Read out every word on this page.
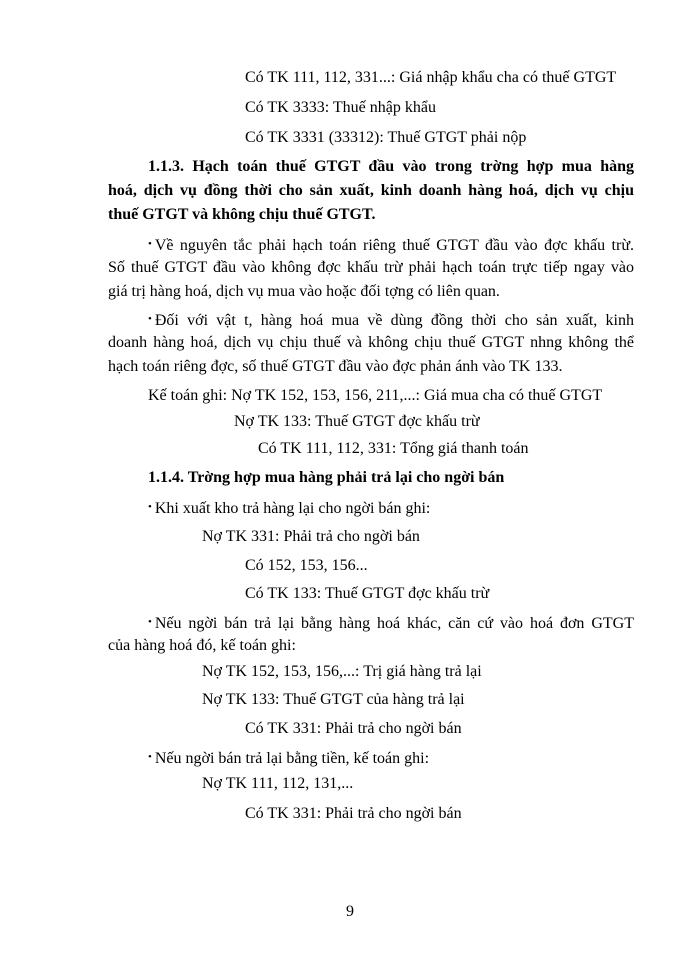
Có TK 111, 112, 331...: Giá nhập khẩu cha có thuế GTGT
Có TK 3333: Thuế nhập khẩu
Có TK 3331 (33312): Thuế GTGT phải nộp
1.1.3. Hạch toán thuế GTGT đầu vào trong trờng hợp mua hàng
hoá, dịch vụ đồng thời cho sản xuất, kinh doanh hàng hoá, dịch vụ chịu
thuế GTGT và không chịu thuế GTGT.
• Về nguyên tắc phải hạch toán riêng thuế GTGT đầu vào đợc khấu trừ.
Số thuế GTGT đầu vào không đợc khấu trừ phải hạch toán trực tiếp ngay vào
giá trị hàng hoá, dịch vụ mua vào hoặc đối tợng có liên quan.
• Đối với vật t, hàng hoá mua về dùng đồng thời cho sản xuất, kinh
doanh hàng hoá, dịch vụ chịu thuế và không chịu thuế GTGT nhng không thể
hạch toán riêng đợc, số thuế GTGT đầu vào đợc phản ánh vào TK 133.
Kế toán ghi: Nợ TK 152, 153, 156, 211,...: Giá mua cha có thuế GTGT
Nợ TK 133: Thuế GTGT đợc khấu trừ
Có TK 111, 112, 331: Tổng giá thanh toán
1.1.4. Trờng hợp mua hàng phải trả lại cho ngời bán
• Khi xuất kho trả hàng lại cho ngời bán ghi:
Nợ TK 331: Phải trả cho ngời bán
Có 152, 153, 156...
Có TK 133: Thuế GTGT đợc khấu trừ
• Nếu ngời bán trả lại bằng hàng hoá khác, căn cứ vào hoá đơn GTGT
của hàng hoá đó, kế toán ghi:
Nợ TK 152, 153, 156,...: Trị giá hàng trả lại
Nợ TK 133: Thuế GTGT của hàng trả lại
Có TK 331: Phải trả cho ngời bán
• Nếu ngời bán trả lại bằng tiền, kế toán ghi:
Nợ TK 111, 112, 131,...
Có TK 331: Phải trả cho ngời bán
9
